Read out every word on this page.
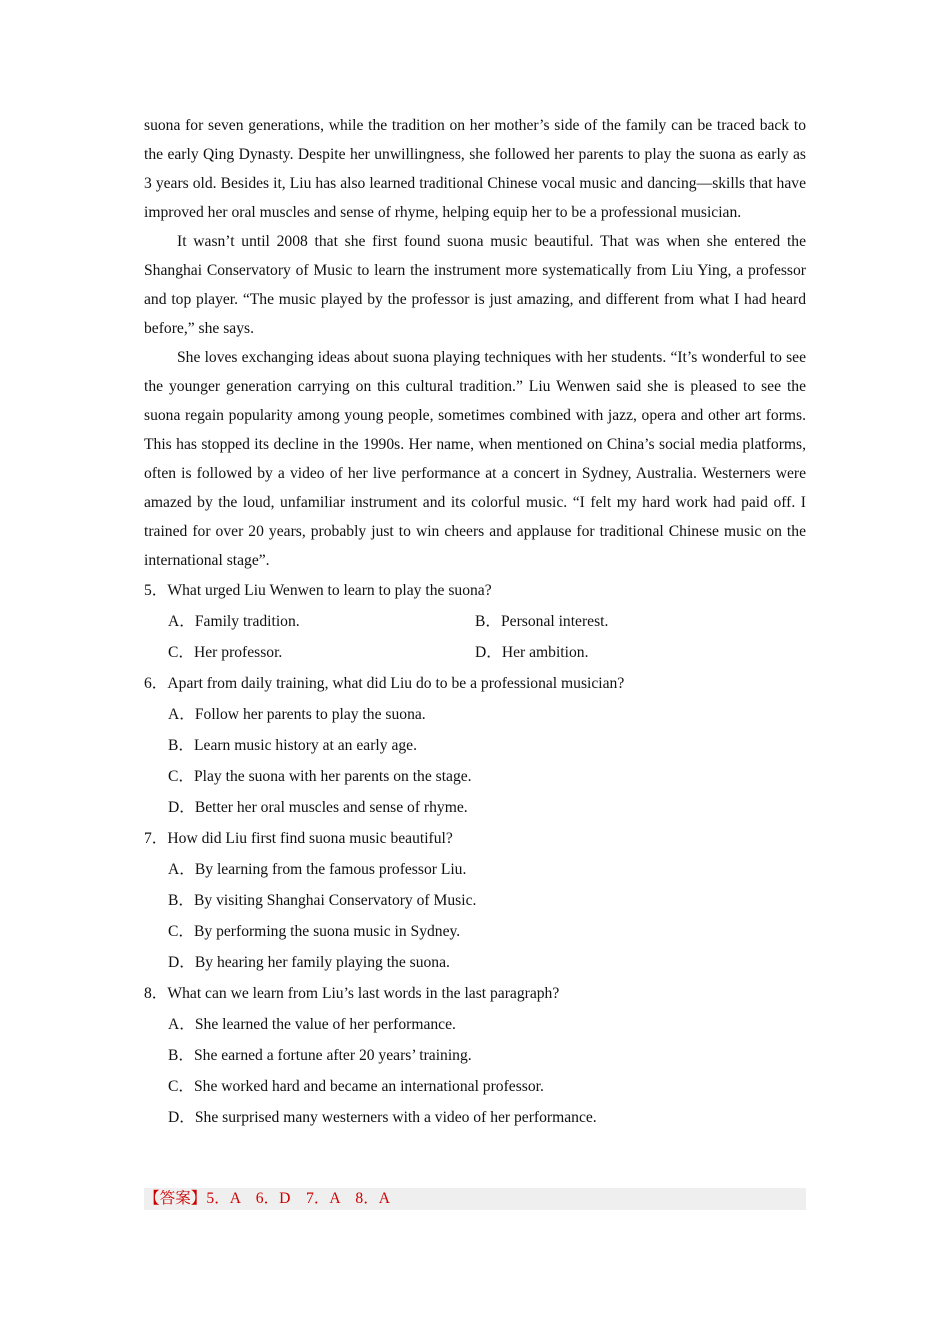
suona for seven generations, while the tradition on her mother’s side of the family can be traced back to the early Qing Dynasty. Despite her unwillingness, she followed her parents to play the suona as early as 3 years old. Besides it, Liu has also learned traditional Chinese vocal music and dancing—skills that have improved her oral muscles and sense of rhyme, helping equip her to be a professional musician.

It wasn’t until 2008 that she first found suona music beautiful. That was when she entered the Shanghai Conservatory of Music to learn the instrument more systematically from Liu Ying, a professor and top player. “The music played by the professor is just amazing, and different from what I had heard before,” she says.

She loves exchanging ideas about suona playing techniques with her students. “It’s wonderful to see the younger generation carrying on this cultural tradition.” Liu Wenwen said she is pleased to see the suona regain popularity among young people, sometimes combined with jazz, opera and other art forms. This has stopped its decline in the 1990s. Her name, when mentioned on China’s social media platforms, often is followed by a video of her live performance at a concert in Sydney, Australia. Westerners were amazed by the loud, unfamiliar instrument and its colorful music. “I felt my hard work had paid off. I trained for over 20 years, probably just to win cheers and applause for traditional Chinese music on the international stage”.

5．What urged Liu Wenwen to learn to play the suona?

A．Family tradition.	B．Personal interest.
C．Her professor.	D．Her ambition.

6．Apart from daily training, what did Liu do to be a professional musician?

A．Follow her parents to play the suona.
B．Learn music history at an early age.
C．Play the suona with her parents on the stage.
D．Better her oral muscles and sense of rhyme.

7．How did Liu first find suona music beautiful?

A．By learning from the famous professor Liu.
B．By visiting Shanghai Conservatory of Music.
C．By performing the suona music in Sydney.
D．By hearing her family playing the suona.

8．What can we learn from Liu’s last words in the last paragraph?

A．She learned the value of her performance.
B．She earned a fortune after 20 years’ training.
C．She worked hard and became an international professor.
D．She surprised many westerners with a video of her performance.
【答案】5．A　6．D　7．A　8．A
